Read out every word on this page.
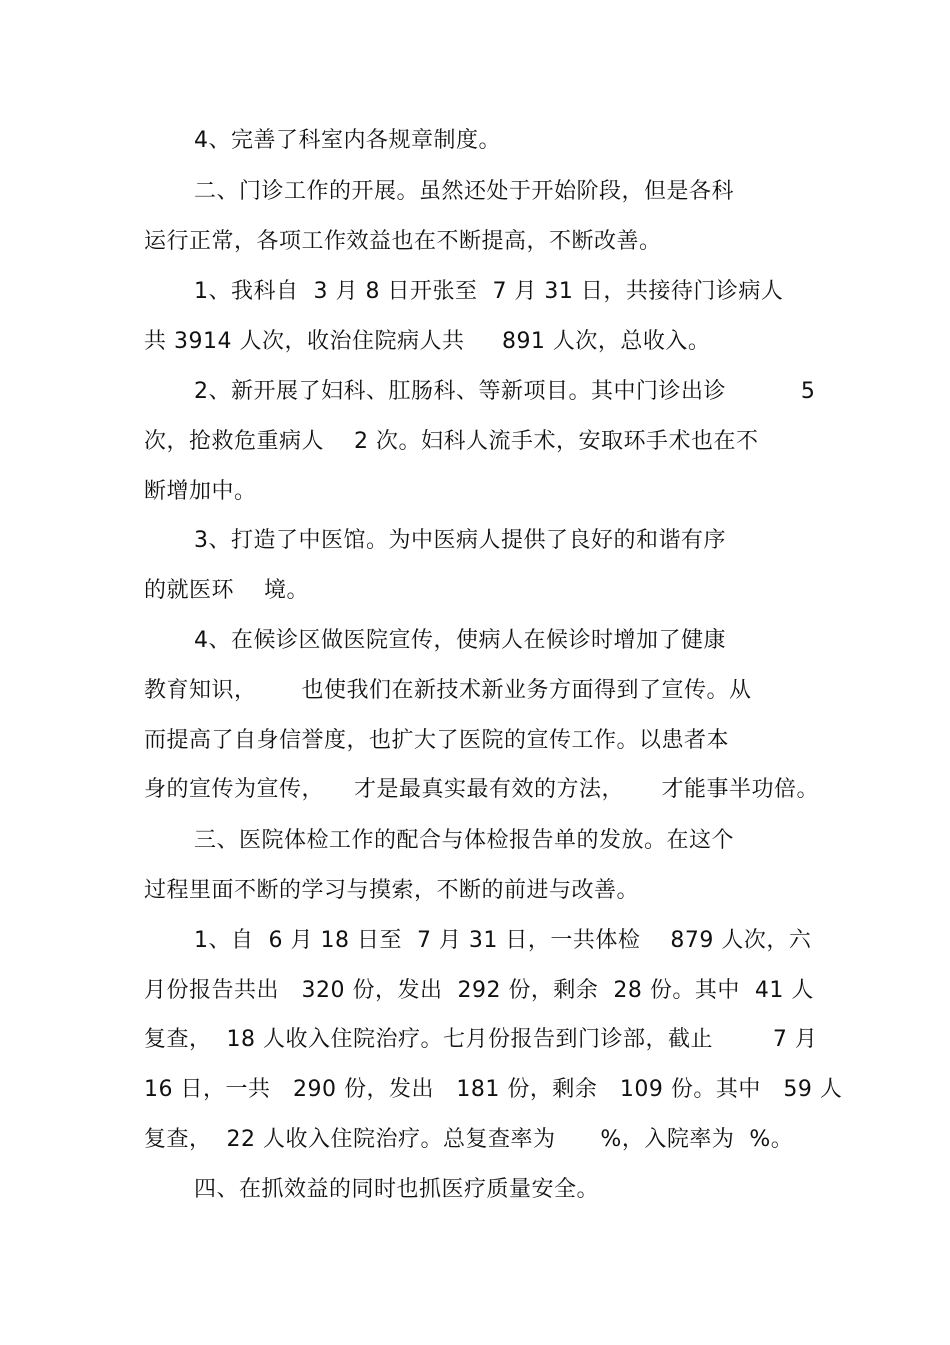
4、完善了科室内各规章制度。
二、门诊工作的开展。虽然还处于开始阶段，但是各科
运行正常，各项工作效益也在不断提高，不断改善。
1、我科自  3 月 8 日开张至  7 月 31 日，共接待门诊病人
共 3914 人次，收治住院病人共     891 人次，总收入。
2、新开展了妇科、肛肠科、等新项目。其中门诊出诊          5
次，抢救危重病人    2 次。妇科人流手术，安取环手术也在不
断增加中。
3、打造了中医馆。为中医病人提供了良好的和谐有序
的就医环    境。
4、在候诊区做医院宣传，使病人在候诊时增加了健康
教育知识，      也使我们在新技术新业务方面得到了宣传。从
而提高了自身信誉度，也扩大了医院的宣传工作。以患者本
身的宣传为宣传，    才是最真实最有效的方法，     才能事半功倍。
三、医院体检工作的配合与体检报告单的发放。在这个
过程里面不断的学习与摸索，不断的前进与改善。
1、自  6 月 18 日至  7 月 31 日，一共体检    879 人次，六
月份报告共出   320 份，发出  292 份，剩余  28 份。其中  41 人
复查，  18 人收入住院治疗。七月份报告到门诊部，截止        7 月
16 日，一共   290 份，发出   181 份，剩余   109 份。其中   59 人
复查，  22 人收入住院治疗。总复查率为      %，入院率为  %。
四、在抓效益的同时也抓医疗质量安全。
